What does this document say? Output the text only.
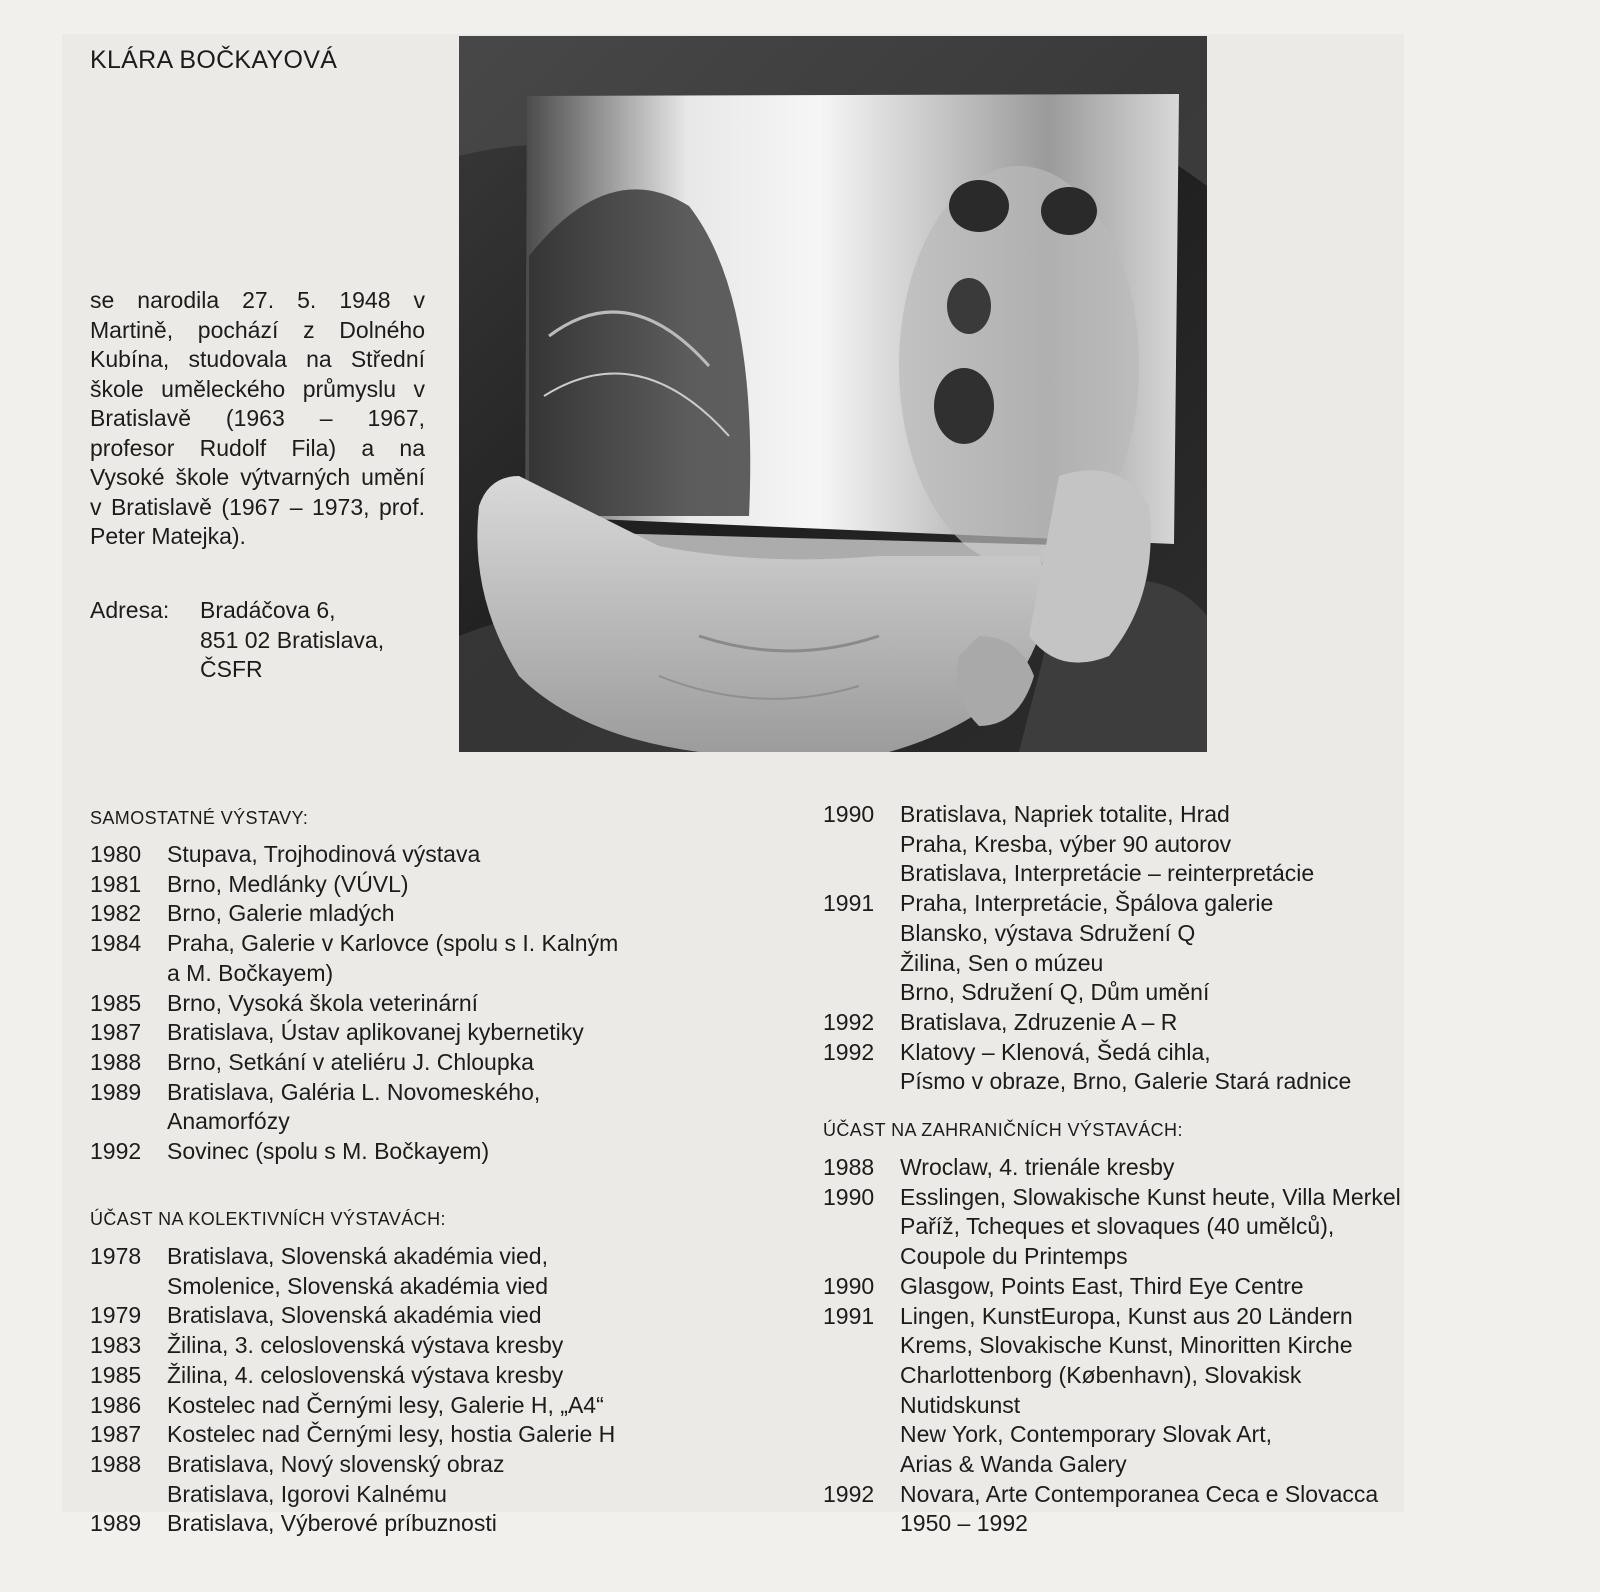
KLÁRA BOČKAYOVÁ

se narodila 27. 5. 1948 v Martině, pochází z Dolného Kubína, studovala na Střední škole uměleckého průmyslu v Bratislavě (1963 – 1967, profesor Rudolf Fila) a na Vysoké škole výtvarných umění v Bratislavě (1967 – 1973, prof. Peter Matejka).

Adresa: Bradáčova 6,
851 02 Bratislava,
ČSFR
SAMOSTATNÉ VÝSTAVY:
1980	Stupava, Trojhodinová výstava
1981	Brno, Medlánky (VÚVL)
1982	Brno, Galerie mladých
1984	Praha, Galerie v Karlovce (spolu s I. Kalným
a M. Bočkayem)
1985	Brno, Vysoká škola veterinární
1987	Bratislava, Ústav aplikovanej kybernetiky
1988	Brno, Setkání v ateliéru J. Chloupka
1989	Bratislava, Galéria L. Novomeského,
Anamorfózy
1992	Sovinec (spolu s M. Bočkayem)
ÚČAST NA KOLEKTIVNÍCH VÝSTAVÁCH:
1978	Bratislava, Slovenská akadémia vied,
Smolenice, Slovenská akadémia vied
1979	Bratislava, Slovenská akadémia vied
1983	Žilina, 3. celoslovenská výstava kresby
1985	Žilina, 4. celoslovenská výstava kresby
1986	Kostelec nad Černými lesy, Galerie H, „A4“
1987	Kostelec nad Černými lesy, hostia Galerie H
1988	Bratislava, Nový slovenský obraz
Bratislava, Igorovi Kalnému
1989	Bratislava, Výberové príbuznosti
1990	Bratislava, Napriek totalite, Hrad
Praha, Kresba, výber 90 autorov
Bratislava, Interpretácie – reinterpretácie
1991	Praha, Interpretácie, Špálova galerie
Blansko, výstava Sdružení Q
Žilina, Sen o múzeu
Brno, Sdružení Q, Dům umění
1992	Bratislava, Zdruzenie A – R
1992	Klatovy – Klenová, Šedá cihla,
Písmo v obraze, Brno, Galerie Stará radnice
ÚČAST NA ZAHRANIČNÍCH VÝSTAVÁCH:
1988	Wroclaw, 4. trienále kresby
1990	Esslingen, Slowakische Kunst heute, Villa Merkel
Paříž, Tcheques et slovaques (40 umělců),
Coupole du Printemps
1990	Glasgow, Points East, Third Eye Centre
1991	Lingen, KunstEuropa, Kunst aus 20 Ländern
Krems, Slovakische Kunst, Minoritten Kirche
Charlottenborg (København), Slovakisk
Nutidskunst
New York, Contemporary Slovak Art,
Arias & Wanda Galery
1992	Novara, Arte Contemporanea Ceca e Slovacca
1950 – 1992
